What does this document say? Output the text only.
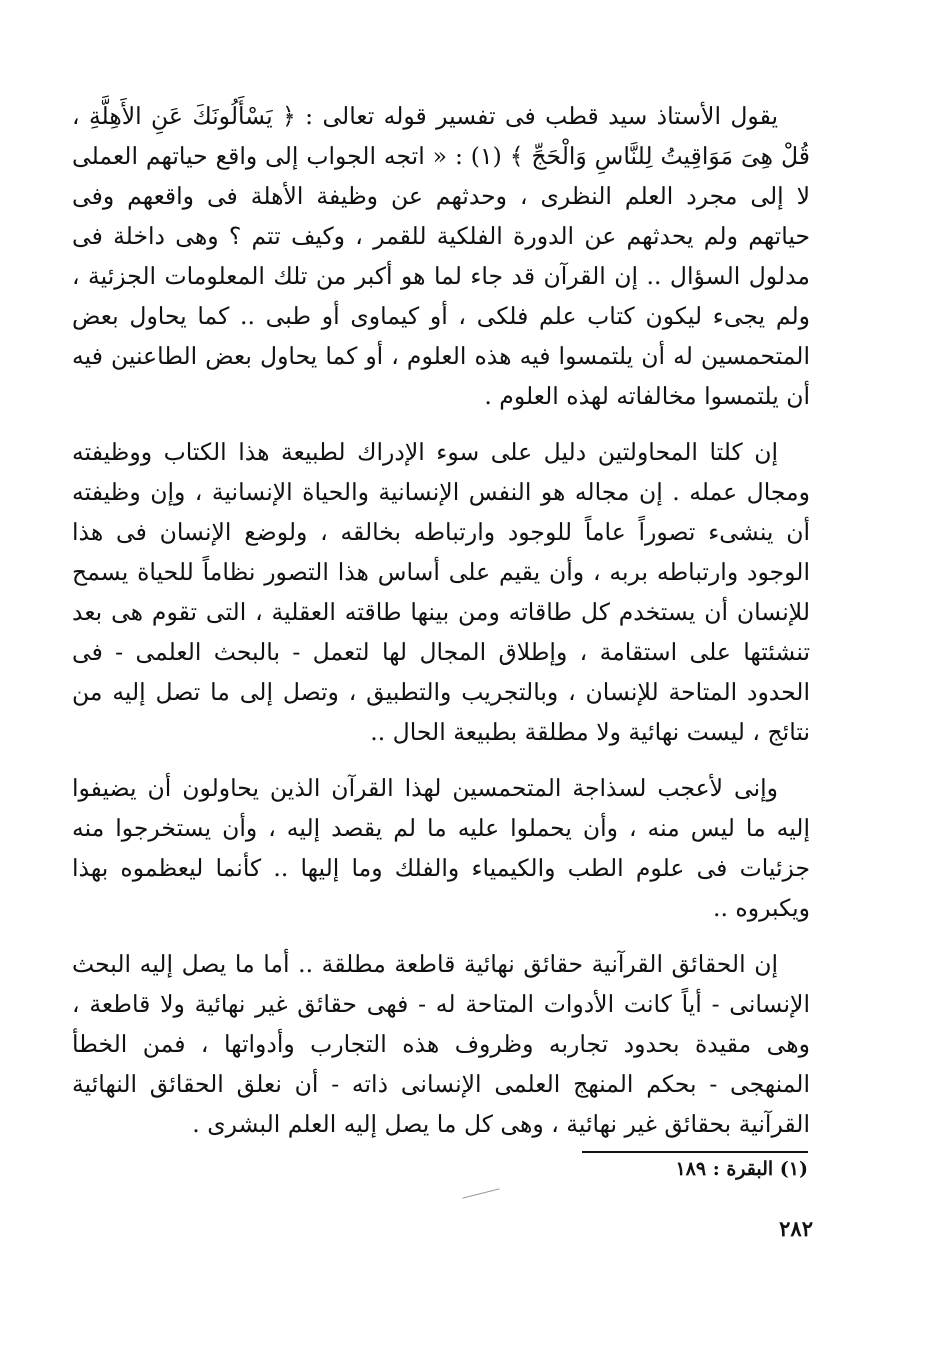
يقول الأستاذ سيد قطب فى تفسير قوله تعالى : ﴿ يَسْأَلُونَكَ عَنِ الأَهِلَّةِ ، قُلْ هِىَ مَوَاقِيتُ لِلنَّاسِ وَالْحَجِّ ﴾ (١) : « اتجه الجواب إلى واقع حياتهم العملى لا إلى مجرد العلم النظرى ، وحدثهم عن وظيفة الأهلة فى واقعهم وفى حياتهم ولم يحدثهم عن الدورة الفلكية للقمر ، وكيف تتم ؟ وهى داخلة فى مدلول السؤال .. إن القرآن قد جاء لما هو أكبر من تلك المعلومات الجزئية ، ولم يجىء ليكون كتاب علم فلكى ، أو كيماوى أو طبى .. كما يحاول بعض المتحمسين له أن يلتمسوا فيه هذه العلوم ، أو كما يحاول بعض الطاعنين فيه أن يلتمسوا مخالفاته لهذه العلوم .

إن كلتا المحاولتين دليل على سوء الإدراك لطبيعة هذا الكتاب ووظيفته ومجال عمله . إن مجاله هو النفس الإنسانية والحياة الإنسانية ، وإن وظيفته أن ينشىء تصوراً عاماً للوجود وارتباطه بخالقه ، ولوضع الإنسان فى هذا الوجود وارتباطه بربه ، وأن يقيم على أساس هذا التصور نظاماً للحياة يسمح للإنسان أن يستخدم كل طاقاته ومن بينها طاقته العقلية ، التى تقوم هى بعد تنشئتها على استقامة ، وإطلاق المجال لها لتعمل - بالبحث العلمى - فى الحدود المتاحة للإنسان ، وبالتجريب والتطبيق ، وتصل إلى ما تصل إليه من نتائج ، ليست نهائية ولا مطلقة بطبيعة الحال ..

وإنى لأعجب لسذاجة المتحمسين لهذا القرآن الذين يحاولون أن يضيفوا إليه ما ليس منه ، وأن يحملوا عليه ما لم يقصد إليه ، وأن يستخرجوا منه جزئيات فى علوم الطب والكيمياء والفلك وما إليها .. كأنما ليعظموه بهذا ويكبروه ..

إن الحقائق القرآنية حقائق نهائية قاطعة مطلقة .. أما ما يصل إليه البحث الإنسانى - أياً كانت الأدوات المتاحة له - فهى حقائق غير نهائية ولا قاطعة ، وهى مقيدة بحدود تجاربه وظروف هذه التجارب وأدواتها ، فمن الخطأ المنهجى - بحكم المنهج العلمى الإنسانى ذاته - أن نعلق الحقائق النهائية القرآنية بحقائق غير نهائية ، وهى كل ما يصل إليه العلم البشرى .

(١) البقرة : ١٨٩
٢٨٢
